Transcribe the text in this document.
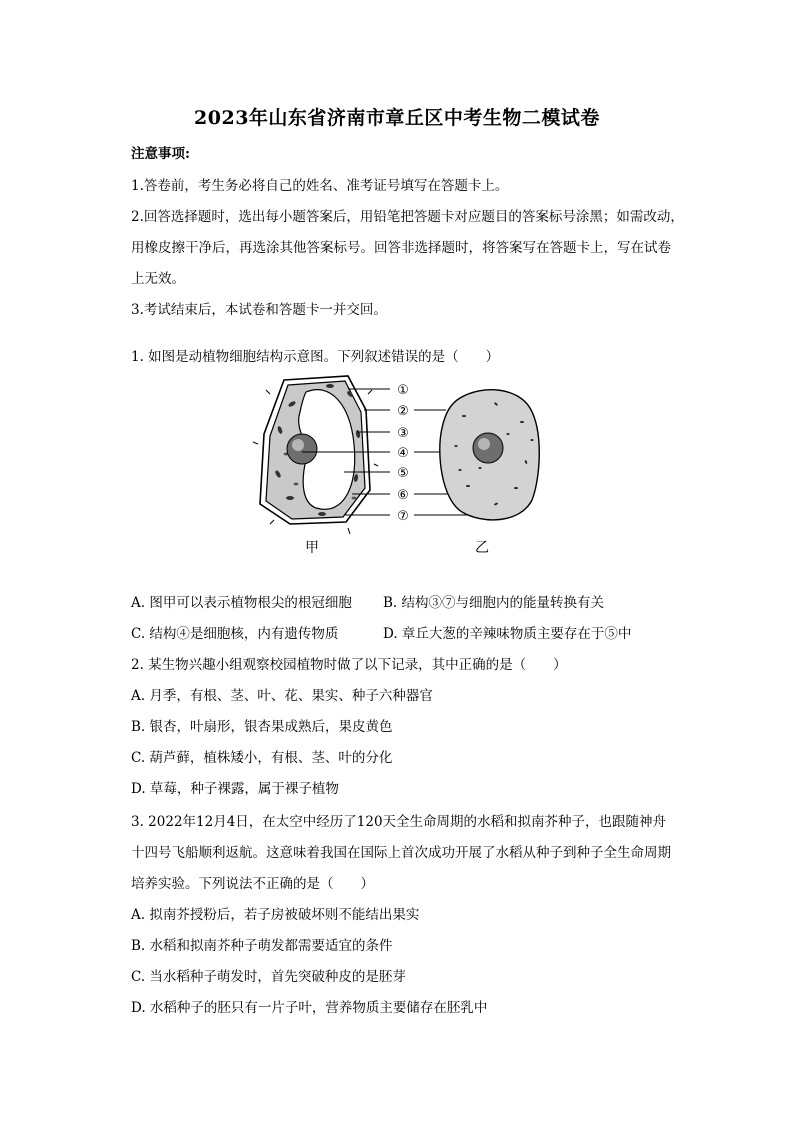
2023年山东省济南市章丘区中考生物二模试卷
注意事项:
1.答卷前，考生务必将自己的姓名、准考证号填写在答题卡上。
2.回答选择题时，选出每小题答案后，用铅笔把答题卡对应题目的答案标号涂黑；如需改动，
用橡皮擦干净后，再选涂其他答案标号。回答非选择题时，将答案写在答题卡上，写在试卷
上无效。
3.考试结束后，本试卷和答题卡一并交回。
1. 如图是动植物细胞结构示意图。下列叙述错误的是（　　）
①
②
③
④
⑤
⑥
⑦
甲	乙
A. 图甲可以表示植物根尖的根冠细胞 B. 结构③⑦与细胞内的能量转换有关
C. 结构④是细胞核，内有遗传物质	D. 章丘大葱的辛辣味物质主要存在于⑤中
2. 某生物兴趣小组观察校园植物时做了以下记录，其中正确的是（　　）
A. 月季，有根、茎、叶、花、果实、种子六种器官
B. 银杏，叶扇形，银杏果成熟后，果皮黄色
C. 葫芦藓，植株矮小，有根、茎、叶的分化
D. 草莓，种子裸露，属于裸子植物
3. 2022年12月4日，在太空中经历了120天全生命周期的水稻和拟南芥种子，也跟随神舟
十四号飞船顺利返航。这意味着我国在国际上首次成功开展了水稻从种子到种子全生命周期
培养实验。下列说法不正确的是（　　）
A. 拟南芥授粉后，若子房被破坏则不能结出果实
B. 水稻和拟南芥种子萌发都需要适宜的条件
C. 当水稻种子萌发时，首先突破种皮的是胚芽
D. 水稻种子的胚只有一片子叶，营养物质主要储存在胚乳中
